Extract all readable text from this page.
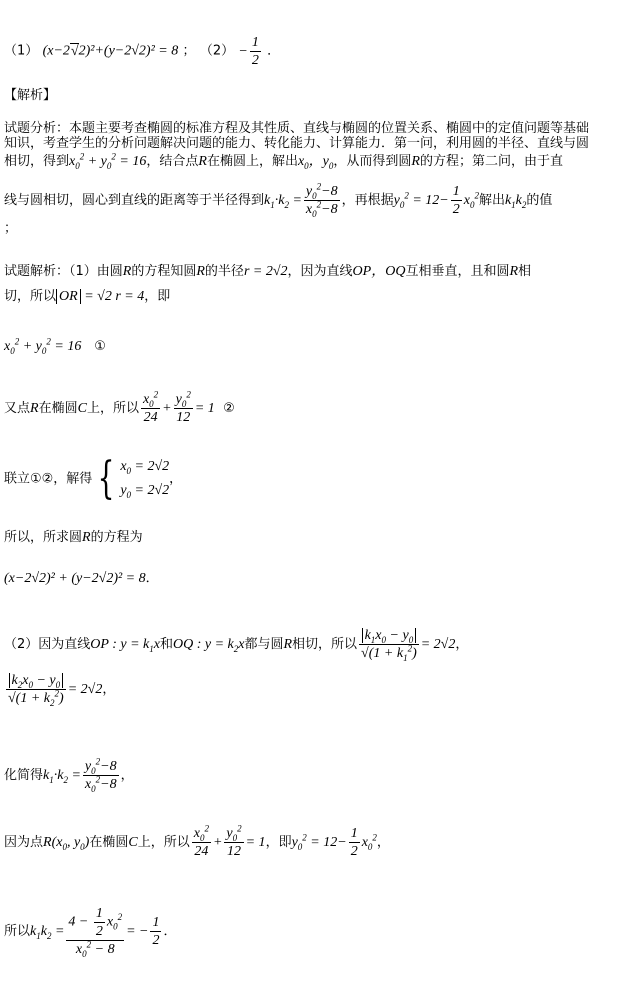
（1） (x−2√2)²+(y−2√2)² = 8 ； $(2) - \frac{1}{2}$ ．
【解析】
试题分析：本题主要考查椭圆的标准方程及其性质、直线与椭圆的位置关系、椭圆中的定值问题等基础
知识，考查学生的分析问题解决问题的能力、转化能力、计算能力．第一问，利用圆的半径、直线与圆
相切，得到$x_0^2 + y_0^2 = 16$，结合点R在椭圆上，解出$x_0$，$y_0$，从而得到圆R的方程；第二问，由于直
线与圆相切，圆心到直线的距离等于半径得到$k_1\cdot k_2 = \frac{y_0^2-8}{x_0^2-8}$ ，再根据$y_0^2 = 12- \frac{1}{2} x_0^2$解出$k_1k_2$的值
；
试题解析：（1）由圆R的方程知圆R的半径r = 2√2，因为直线OP，OQ互相垂直，且和圆R相
切，所以 OR = √2 r = 4，即
$x_0^2 + y_0^2 = 16$ ①
又点R在椭圆C上，所以 $\frac{x_0^2}{24} + \frac{y_0^2}{12} = 1$ ②
联立①②，解得 { $x_0 = 2√2$
$y_0 = 2√2$
，
所以，所求圆R的方程为
(x−2√2)² + (y−2√2)² = 8．
（2）因为直线OP : $y = k_1x$和OQ : $y = k_2x$都与圆R相切，所以 $\frac{k_1x_0 - y_0}{√(1 + k_1^2)} = 2√2$，
$\frac{k_2x_0 - y_0}{√(1 + k_2^2)} = 2√2$，
化简得$k_1\cdot k_2 = \frac{y_0^2-8}{x_0^2-8}$ ，
因为点$R(x_0$, $y_0$)在椭圆C上，所以 $\frac{x_0^2}{24} + \frac{y_0^2}{12} = 1$，即$y_0^2 = 12- \frac{1}{2} x_0^2$，
所以$k_1k_2 = \frac{4 - \frac{1}{2} x_0^2}{x_0^2 - 8}$ = − $\frac{1}{2}$ ．
